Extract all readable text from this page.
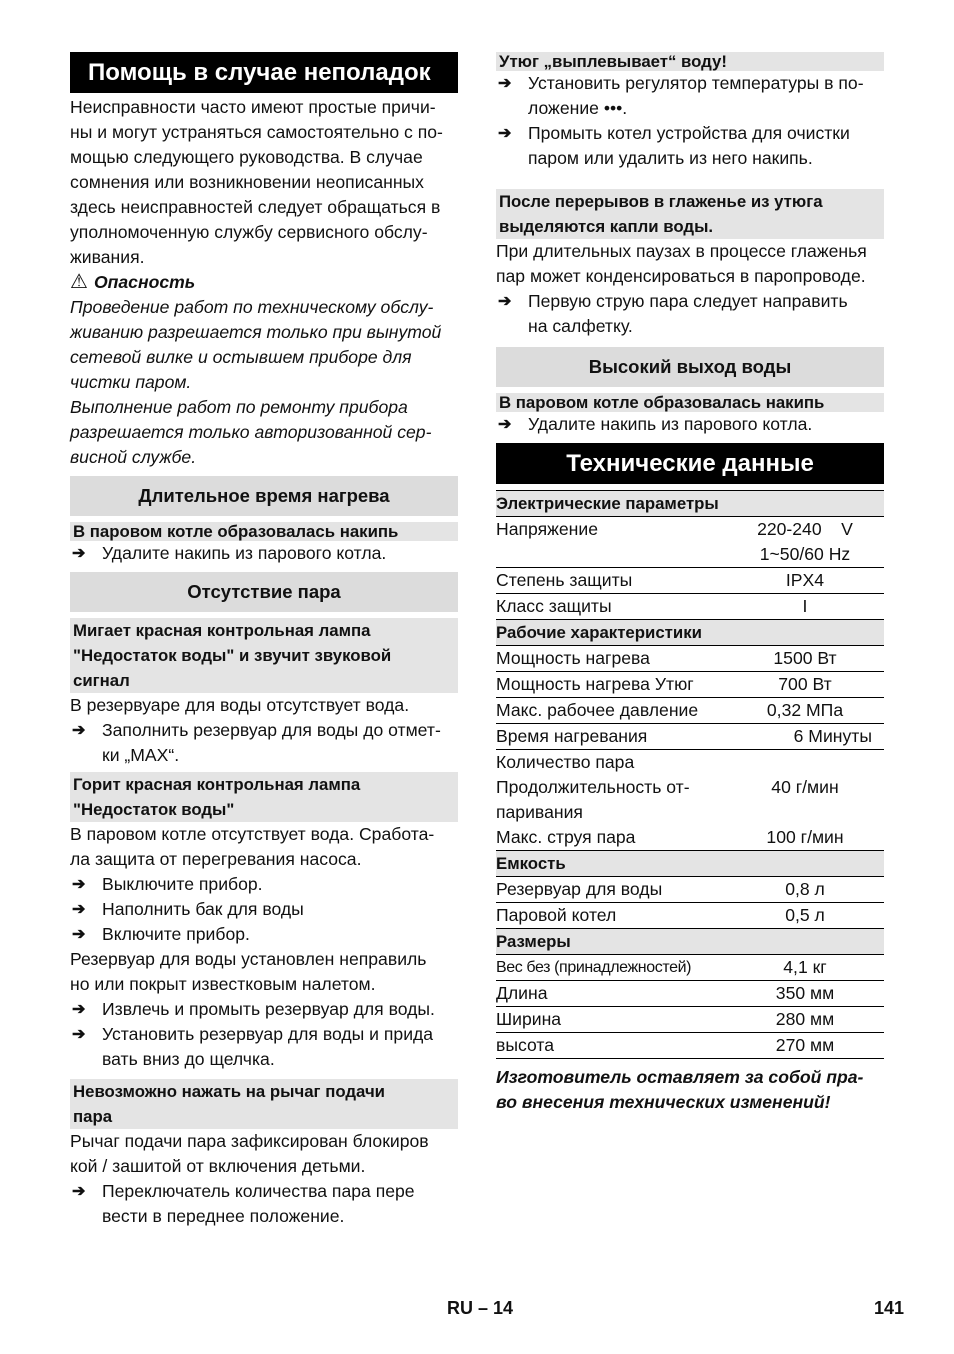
Помощь в случае неполадок
Неисправности часто имеют простые причи-
ны и могут устраняться самостоятельно с по-
мощью следующего руководства. В случае
сомнения или возникновении неописанных
здесь неисправностей следует обращаться в
уполномоченную службу сервисного обслу-
живания.
⚠ Опасность
Проведение работ по техническому обслу-
живанию разрешается только при вынутой
сетевой вилке и остывшем приборе для
чистки паром.
Выполнение работ по ремонту прибора
разрешается только авторизованной сер-
висной службе.
Длительное время нагрева
В паровом котле образовалась накипь
➔ Удалите накипь из парового котла.
Отсутствие пара
Мигает красная контрольная лампа
"Недостаток воды" и звучит звуковой
сигнал
В резервуаре для воды отсутствует вода.
➔ Заполнить резервуар для воды до отмет-
ки „MAX“.
Горит красная контрольная лампа
"Недостаток воды"
В паровом котле отсутствует вода. Сработа-
ла защита от перегревания насоса.
➔ Выключите прибор.
➔ Наполнить бак для воды
➔ Включите прибор.
Резервуар для воды установлен неправиль
но или покрыт известковым налетом.
➔ Извлечь и промыть резервуар для воды.
➔ Установить резервуар для воды и прида
вать вниз до щелчка.
Невозможно нажать на рычаг подачи
пара
Рычаг подачи пара зафиксирован блокиров
кой / зашитой от включения детьми.
➔ Переключатель количества пара пере
вести в переднее положение.
Утюг „выплевывает“ воду!
➔ Установить регулятор температуры в по-
ложение •••.
➔ Промыть котел устройства для очистки
паром или удалить из него накипь.
После перерывов в глаженье из утюга
выделяются капли воды.
При длительных паузах в процессе глаженья
пар может конденсироваться в паропроводе.
➔ Первую струю пара следует направить
на салфетку.
Высокий выход воды
В паровом котле образовалась накипь
➔ Удалите накипь из парового котла.
Технические данные
Электрические параметры
Напряжение	220-240    V
1~50/60 Hz
Степень защиты	IPX4
Класс защиты	I
Рабочие характеристики
Мощность нагрева	1500 Вт
Мощность нагрева Утюг	700 Вт
Макс. рабочее давление	0,32 МПа
Время нагревания	6 Минуты
Количество пара
Продолжительность от-	40 г/мин
паривания
Макс. струя пара	100 г/мин
Емкость
Резервуар для воды	0,8 л
Паровой котел	0,5 л
Размеры
Вес без (принадлежностей)	4,1 кг
Длина	350 мм
Ширина	280 мм
высота	270 мм
Изготовитель оставляет за собой пра-
во внесения технических изменений!
RU – 14	141
